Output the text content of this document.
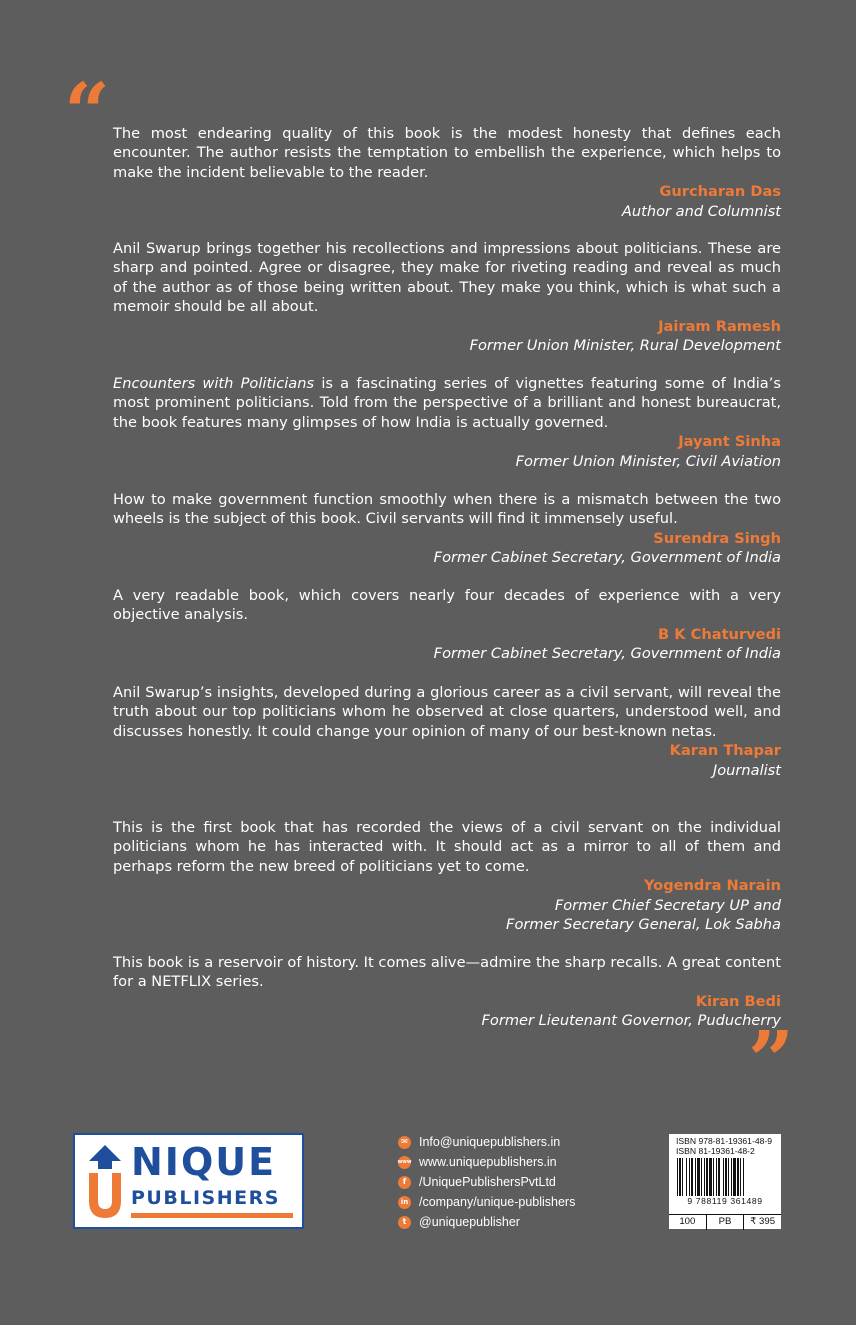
“ The most endearing quality of this book is the modest honesty that defines each encounter. The author resists the temptation to embellish the experience, which helps to make the incident believable to the reader.

Gurcharan Das
Author and Columnist

Anil Swarup brings together his recollections and impressions about politicians. These are sharp and pointed. Agree or disagree, they make for riveting reading and reveal as much of the author as of those being written about. They make you think, which is what such a memoir should be all about.

Jairam Ramesh
Former Union Minister, Rural Development

Encounters with Politicians is a fascinating series of vignettes featuring some of India’s most prominent politicians. Told from the perspective of a brilliant and honest bureaucrat, the book features many glimpses of how India is actually governed.

Jayant Sinha
Former Union Minister, Civil Aviation

How to make government function smoothly when there is a mismatch between the two wheels is the subject of this book. Civil servants will find it immensely useful.

Surendra Singh
Former Cabinet Secretary, Government of India

A very readable book, which covers nearly four decades of experience with a very objective analysis.

B K Chaturvedi
Former Cabinet Secretary, Government of India

Anil Swarup’s insights, developed during a glorious career as a civil servant, will reveal the truth about our top politicians whom he observed at close quarters, understood well, and discusses honestly. It could change your opinion of many of our best-known netas.

Karan Thapar
Journalist

This is the first book that has recorded the views of a civil servant on the individual politicians whom he has interacted with. It should act as a mirror to all of them and perhaps reform the new breed of politicians yet to come.

Yogendra Narain
Former Chief Secretary UP and
Former Secretary General, Lok Sabha

This book is a reservoir of history. It comes alive—admire the sharp recalls. A great content for a NETFLIX series.

Kiran Bedi
Former Lieutenant Governor, Puducherry
”
NIQUE
PUBLISHERS
✉ Info@uniquepublishers.in
www www.uniquepublishers.in
f	/UniquePublishersPvtLtd
in /company/unique-publishers
t	@uniquepublisher
ISBN 978-81-19361-48-9
ISBN 81-19361-48-2
9 788119 361489
100	PB	₹ 395
